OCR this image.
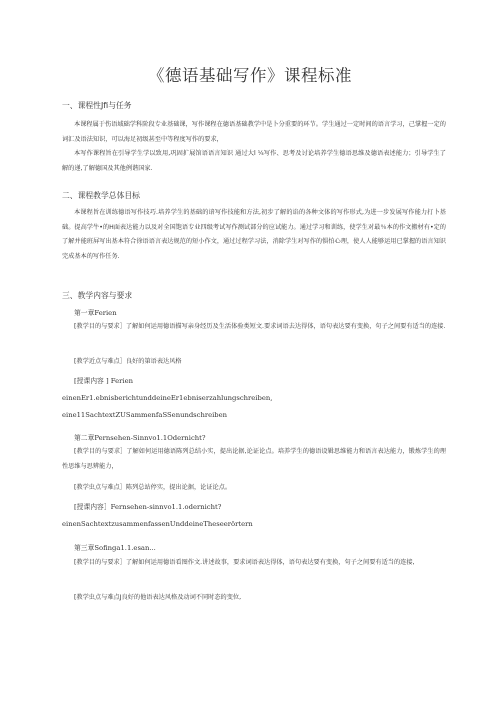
《德语基础写作》课程标准
一、课程性Jfi与任务
本课程属于伤语域础学科阶段专业基础课，写作课程在德语基础教学中是卜分重要的环节。学生通过一定时间的语言学习，己掌握一定的词汇及语法知识，可以海足初级甚至中等程度写作的要求，
本写作课程旨在引导学生学以致用,巩固扩展馆语语言知识 通过大l ¼写作、思考及讨论培养学生德语思维及德语表述能力；引导学生了解的递,了解德国及其他例谐国家.
二、课程教学总体目标
本课程旨在训练德语写作技巧.培养学生的基础的谙写作技能和方法,初步了解的谄的各种文体的写作形式,为进一步发展写作能力打卜基础。提高学牛•的H面表达能力以及对全国饱语专业四级考试写作测试部分的应试能力。通过学习和训练，使学生对最％本的作文搬材有•定的了解并能班屏写出基本符合徐语语言表达规范的短小作文，通过过程学习法，消除学生对写作的惧怕心理，使人人能够运用已掌握的语言知识完成基本的写作任务.
三、教学内容与要求
第一章Ferien
[教学目的与要求］了解如何运用德语描写亲身经历及生活体验类短文.要求词语去达得体，语句表达要有变换，句子之间要有适当的连接.
[教学近点与难点］良好的第语表达风格
[授课内容 ] Ferien
einenEr1.ebnisberichtunddeineEr1ebniserzahlungschreiben,
eine11SachtextZUSammenfaSSenundschreiben
第二章Pernsehen-Sinnvo1.1Odernicht?
[教学目的与要求］了解如何运用德语陈列总结小实，提出论据,论证论点。培养学生的德语设辑思维能力和语言表达能力，锻炼学生的理性思维与思辨能力，
[教学虫点与难点］陈列总站停实，提出论据，论证论点。
[授课内容］Fernsehen-sinnvo1.1.odernicht?
einenSachtextzusammenfassenUnddeineTheseerörtern
第三章Sofinga1.1.esan...
[教学目的与要求］了解如何运用德语看图作文.讲述故事，要求词语表达得体，语句表达要有变换，句子之间要有适当的连接,
[教学虫点与难点J良好的他语表达风格及动词不同时态的变位,
